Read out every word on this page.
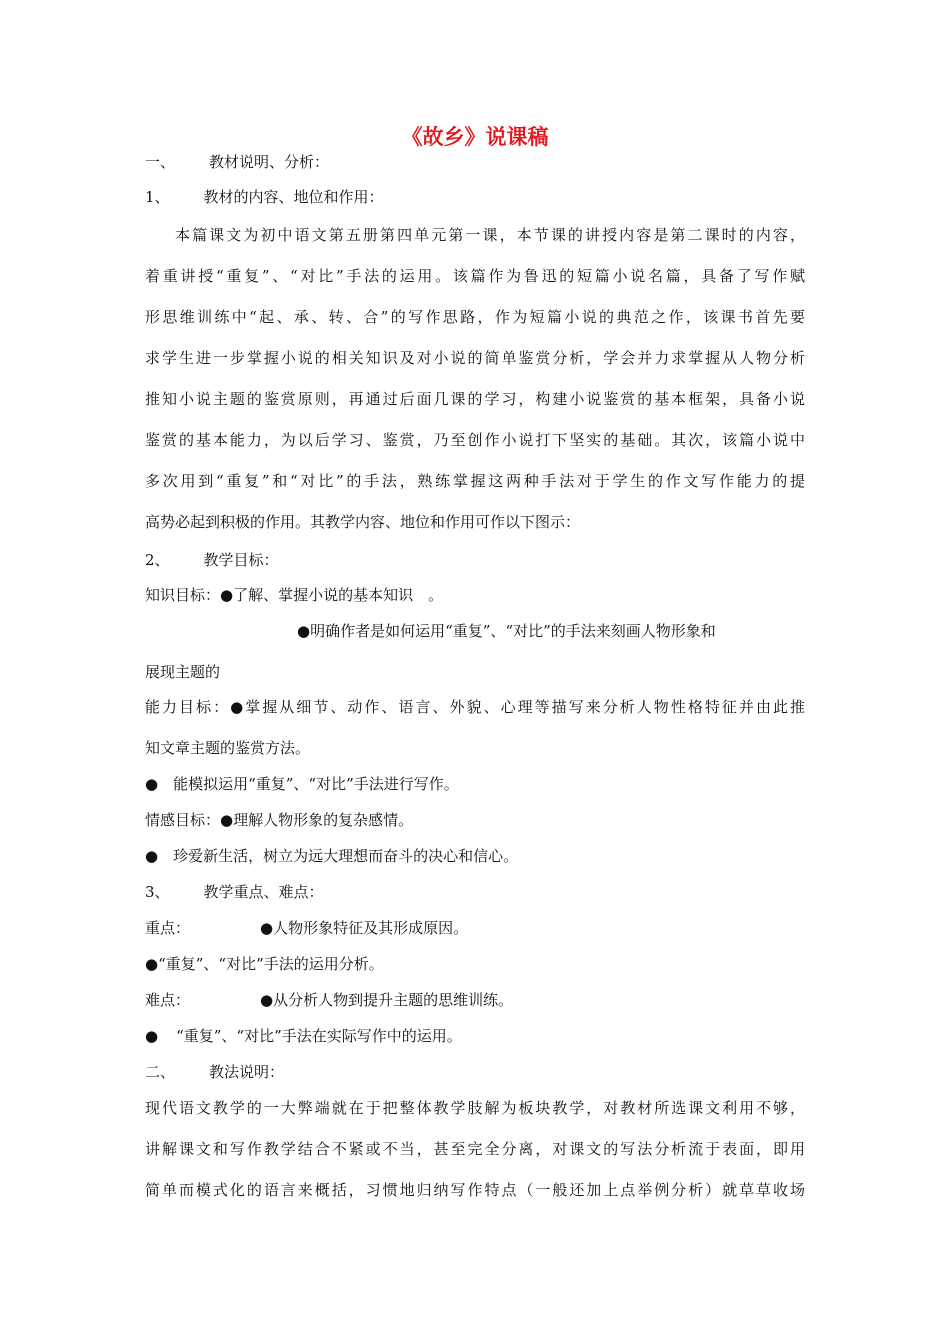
《故乡》说课稿
一、 教材说明、分析：
1、 教材的内容、地位和作用：
本篇课文为初中语文第五册第四单元第一课，本节课的讲授内容是第二课时的内容，
着重讲授“重复”、“对比”手法的运用。该篇作为鲁迅的短篇小说名篇，具备了写作赋
形思维训练中“起、承、转、合”的写作思路，作为短篇小说的典范之作，该课书首先要
求学生进一步掌握小说的相关知识及对小说的简单鉴赏分析，学会并力求掌握从人物分析
推知小说主题的鉴赏原则，再通过后面几课的学习，构建小说鉴赏的基本框架，具备小说
鉴赏的基本能力，为以后学习、鉴赏，乃至创作小说打下坚实的基础。其次，该篇小说中
多次用到“重复”和“对比”的手法，熟练掌握这两种手法对于学生的作文写作能力的提
高势必起到积极的作用。其教学内容、地位和作用可作以下图示：
2、 教学目标：
知识目标：●了解、掌握小说的基本知识　。
●明确作者是如何运用“重复”、“对比”的手法来刻画人物形象和
展现主题的
能力目标：●掌握从细节、动作、语言、外貌、心理等描写来分析人物性格特征并由此推
知文章主题的鉴赏方法。
● 能模拟运用“重复”、“对比”手法进行写作。
情感目标：●理解人物形象的复杂感情。
● 珍爱新生活，树立为远大理想而奋斗的决心和信心。
3、 教学重点、难点：
重点：	●人物形象特征及其形成原因。
●“重复”、“对比”手法的运用分析。
难点：	●从分析人物到提升主题的思维训练。
● “重复”、“对比”手法在实际写作中的运用。
二、 教法说明：
现代语文教学的一大弊端就在于把整体教学肢解为板块教学，对教材所选课文利用不够，
讲解课文和写作教学结合不紧或不当，甚至完全分离，对课文的写法分析流于表面，即用
简单而模式化的语言来概括，习惯地归纳写作特点（一般还加上点举例分析）就草草收场
